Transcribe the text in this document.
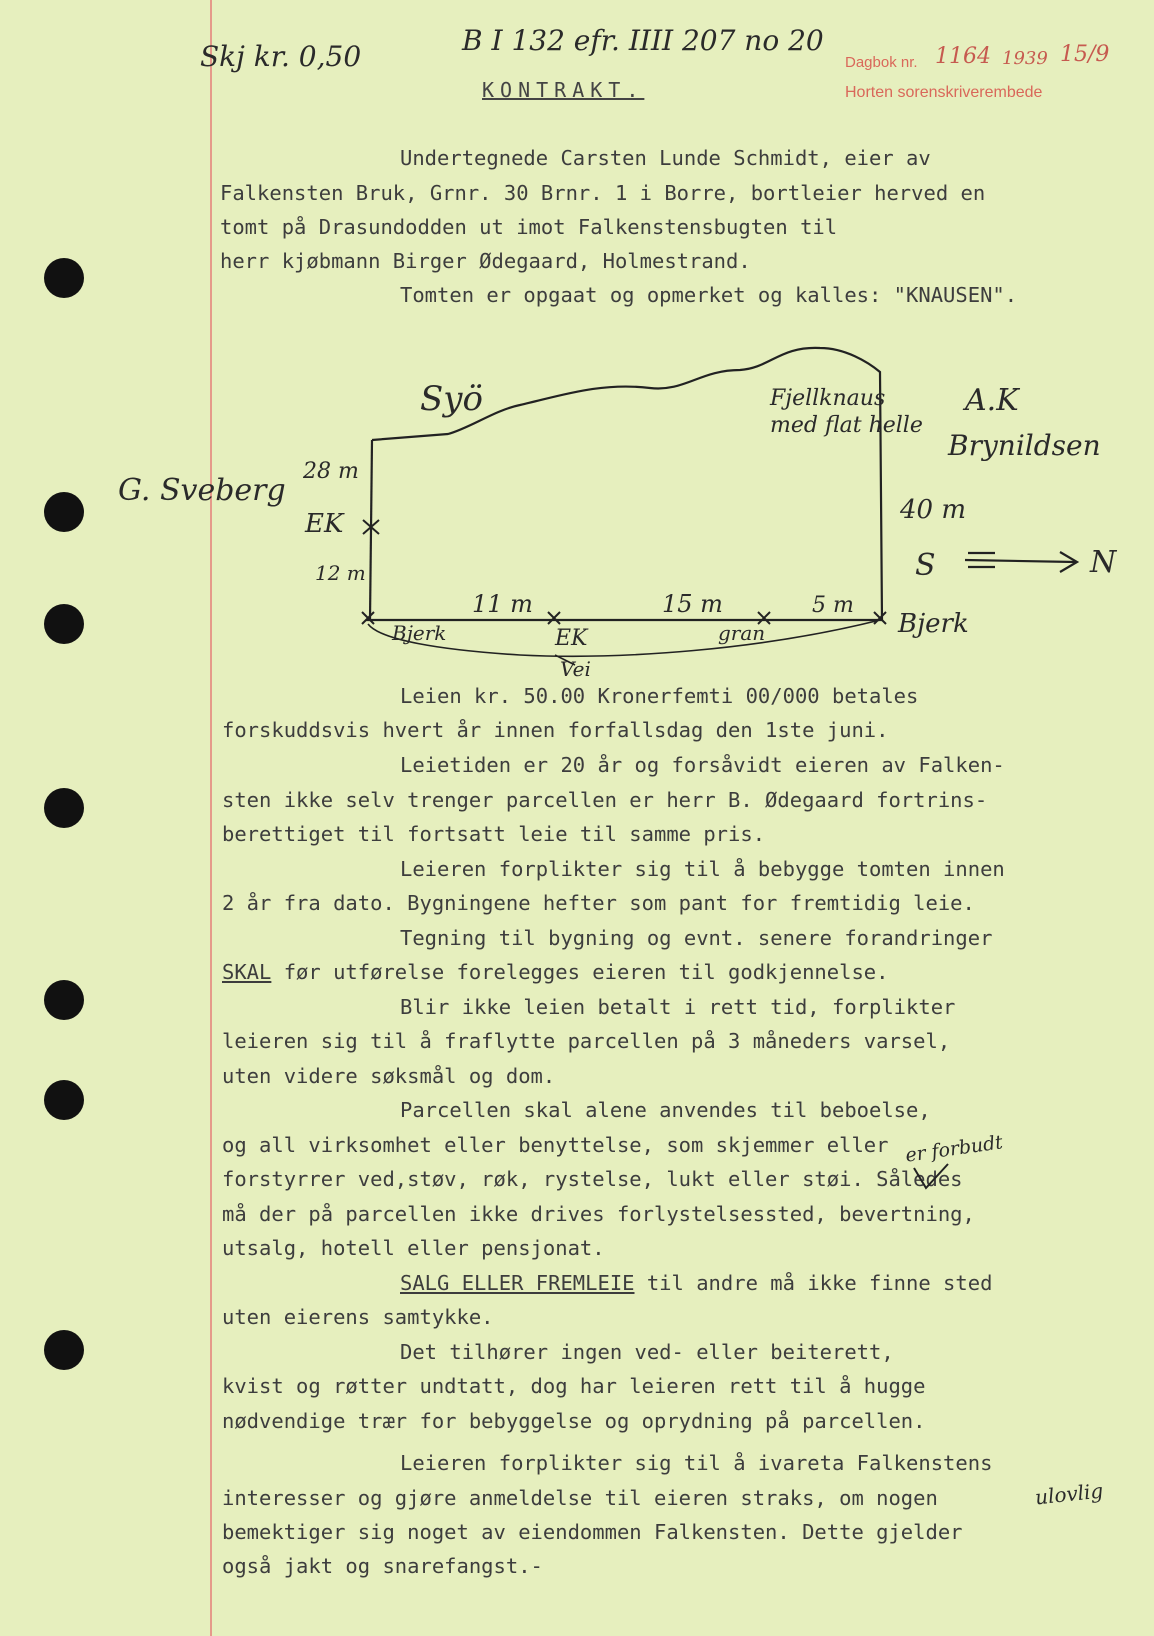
B I 132 efr. IIII 207 no 20
Skj kr. 0,50	Dagbok nr. 1164 1939 15/9
Horten sorenskriverembede
KONTRAKT.
Undertegnede Carsten Lunde Schmidt, eier av
Falkensten Bruk, Grnr. 30 Brnr. 1 i Borre, bortleier herved en
tomt på Drasundodden ut imot Falkenstensbugten til
herr kjøbmann Birger Ødegaard, Holmestrand.
Tomten er opgaat og opmerket og kalles: "KNAUSEN".
Syö	Fjellknaus
med flat helle
A.K
Brynildsen
G. Sveberg
28 m
EK
12 m
40 m
S	N
11 m	15 m	5 m
Bjerk
Bjerk	EK	gran
Vei
Leien kr. 50.00 Kronerfemti 00/000 betales
forskuddsvis hvert år innen forfallsdag den 1ste juni.
Leietiden er 20 år og forsåvidt eieren av Falken-
sten ikke selv trenger parcellen er herr B. Ødegaard fortrins-
berettiget til fortsatt leie til samme pris.
Leieren forplikter sig til å bebygge tomten innen
2 år fra dato. Bygningene hefter som pant for fremtidig leie.
Tegning til bygning og evnt. senere forandringer
SKAL før utførelse forelegges eieren til godkjennelse.
Blir ikke leien betalt i rett tid, forplikter
leieren sig til å fraflytte parcellen på 3 måneders varsel,
uten videre søksmål og dom.
Parcellen skal alene anvendes til beboelse,
og all virksomhet eller benyttelse, som skjemmer eller
forstyrrer ved,støv, røk, rystelse, lukt eller støi. Således
må der på parcellen ikke drives forlystelsessted, bevertning,
utsalg, hotell eller pensjonat.
SALG ELLER FREMLEIE til andre må ikke finne sted
uten eierens samtykke.
Det tilhører ingen ved- eller beiterett,
kvist og røtter undtatt, dog har leieren rett til å hugge
nødvendige trær for bebyggelse og oprydning på parcellen.
Leieren forplikter sig til å ivareta Falkenstens
interesser og gjøre anmeldelse til eieren straks, om nogen
bemektiger sig noget av eiendommen Falkensten. Dette gjelder
også jakt og snarefangst.-
er forbudt
ulovlig
